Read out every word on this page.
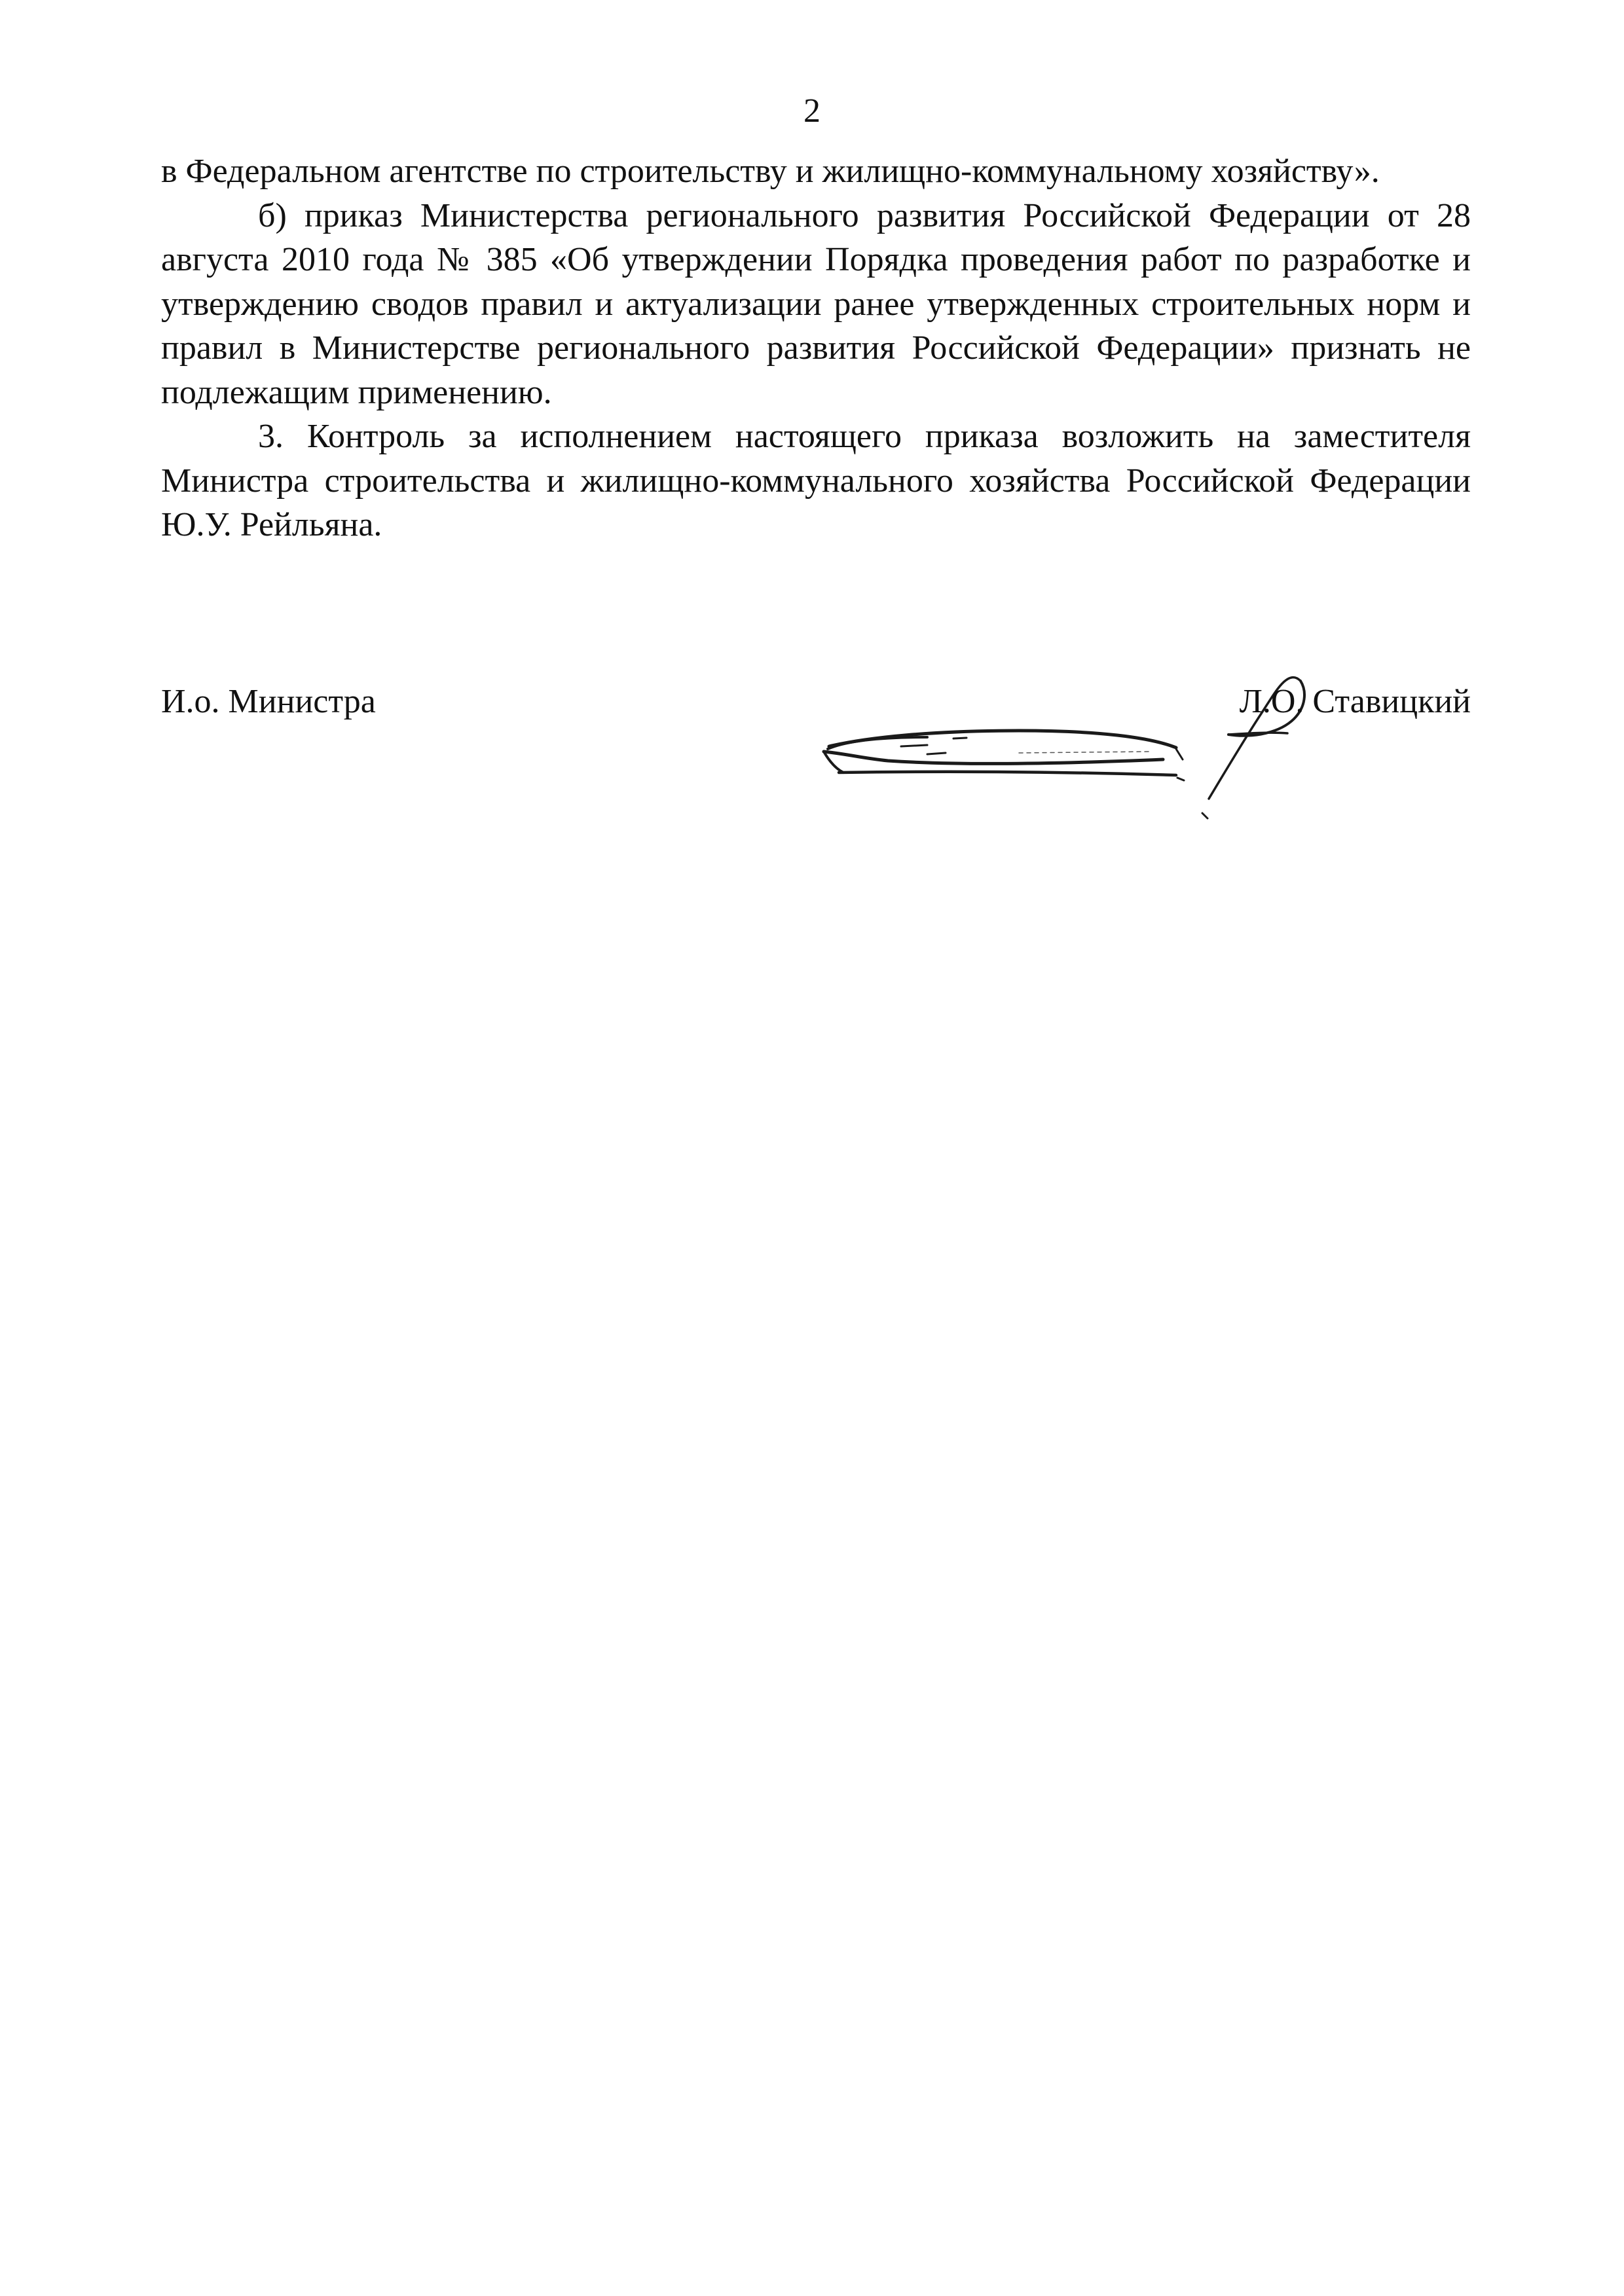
2

в Федеральном агентстве по строительству и жилищно-коммунальному хозяйству».

б) приказ Министерства регионального развития Российской Федерации от 28 августа 2010 года № 385 «Об утверждении Порядка проведения работ по разработке и утверждению сводов правил и актуализации ранее утвержденных строительных норм и правил в Министерстве регионального развития Российской Федерации» признать не подлежащим применению.

3. Контроль за исполнением настоящего приказа возложить на заместителя Министра строительства и жилищно-коммунального хозяйства Российской Федерации Ю.У. Рейльяна.

И.о. Министра	Л.О. Ставицкий
